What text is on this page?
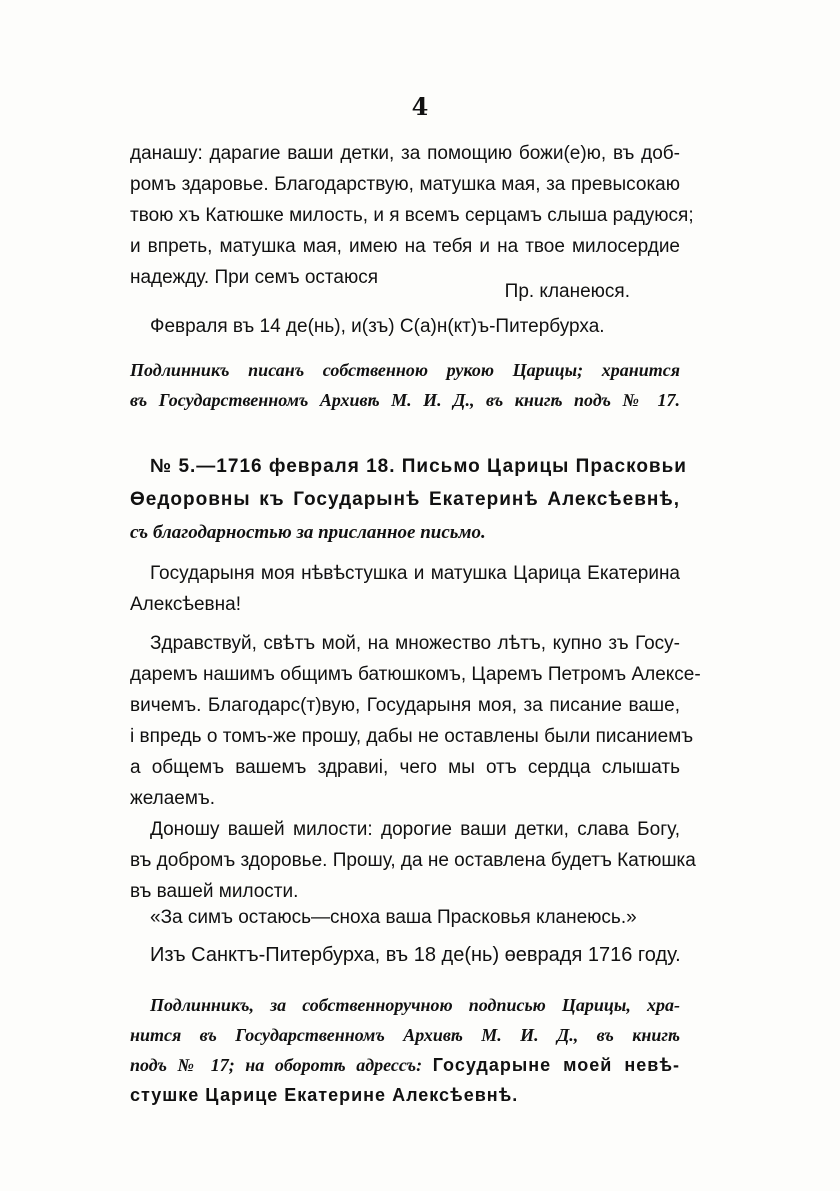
4
данашу: дарагие ваши детки, за помощию божи(е)ю, въ доб-
ромъ здаровье. Благодарствую, матушка мая, за превысокаю
твою хъ Катюшке милость, и я всемъ серцамъ слыша радуюся;
и впреть, матушка мая, имею на тебя и на твое милосердие
надежду. При семъ остаюся
Пр. кланеюся.
Февраля въ 14 де(нь), и(зъ) С(а)н(кт)ъ-Питербурха.
Подлинникъ писанъ собственною рукою Царицы; хранится
въ Государственномъ Архивѣ М. И. Д., въ книгѣ подъ № 17.
№ 5.—1716 февраля 18. Письмо Царицы Прасковьи
Өедоровны къ Государынѣ Екатеринѣ Алексѣевнѣ,
съ благодарностью за присланное письмо.
Государыня моя нѣвѣстушка и матушка Царица Екатерина
Алексѣевна!
Здравствуй, свѣтъ мой, на множество лѣтъ, купно зъ Госу-
даремъ нашимъ общимъ батюшкомъ, Царемъ Петромъ Алексе-
вичемъ. Благодарс(т)вую, Государыня моя, за писание ваше,
і впредь о томъ-же прошу, дабы не оставлены были писаниемъ
а общемъ вашемъ здравиі, чего мы отъ сердца слышать
желаемъ.
Доношу вашей милости: дорогие ваши детки, слава Богу,
въ добромъ здоровье. Прошу, да не оставлена будетъ Катюшка
въ вашей милости.
«За симъ остаюсь—сноха ваша Прасковья кланеюсь.»
Изъ Санктъ-Питербурха, въ 18 де(нь) өеврадя 1716 году.
Подлинникъ, за собственноручною подписью Царицы, хра-
нится въ Государственномъ Архивѣ М. И. Д., въ книгѣ
подъ № 17; на оборотѣ адрессъ: Государыне моей невѣ-
стушке Царице Екатерине Алексѣевнѣ.
